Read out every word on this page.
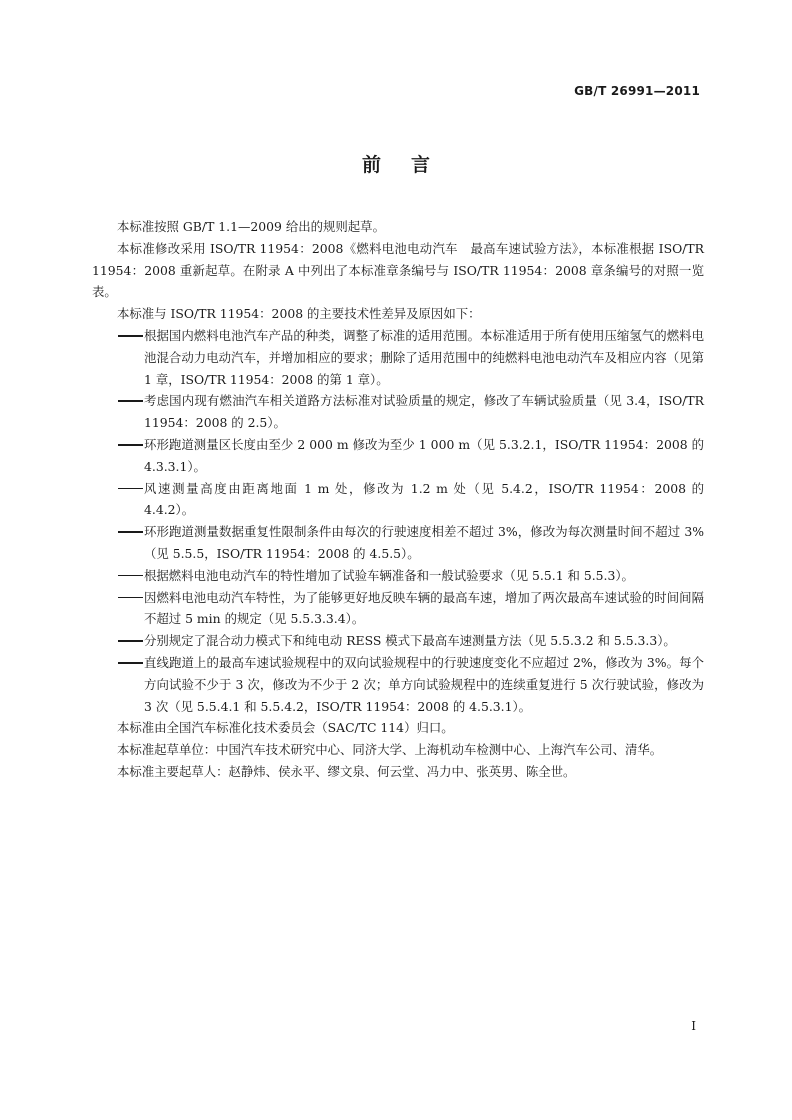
GB/T 26991—2011

前言

本标准按照 GB/T 1.1—2009 给出的规则起草。

本标准修改采用 ISO/TR 11954：2008《燃料电池电动汽车　最高车速试验方法》，本标准根据 ISO/TR 11954：2008 重新起草。在附录 A 中列出了本标准章条编号与 ISO/TR 11954：2008 章条编号的对照一览表。

本标准与 ISO/TR 11954：2008 的主要技术性差异及原因如下：

根据国内燃料电池汽车产品的种类，调整了标准的适用范围。本标准适用于所有使用压缩氢气的燃料电池混合动力电动汽车，并增加相应的要求；删除了适用范围中的纯燃料电池电动汽车及相应内容（见第 1 章，ISO/TR 11954：2008 的第 1 章）。
考虑国内现有燃油汽车相关道路方法标准对试验质量的规定，修改了车辆试验质量（见 3.4，ISO/TR 11954：2008 的 2.5）。
环形跑道测量区长度由至少 2 000 m 修改为至少 1 000 m（见 5.3.2.1，ISO/TR 11954：2008 的 4.3.3.1）。
风速测量高度由距离地面 1 m 处，修改为 1.2 m 处（见 5.4.2，ISO/TR 11954：2008 的 4.4.2）。
环形跑道测量数据重复性限制条件由每次的行驶速度相差不超过 3%，修改为每次测量时间不超过 3%（见 5.5.5，ISO/TR 11954：2008 的 4.5.5）。
根据燃料电池电动汽车的特性增加了试验车辆准备和一般试验要求（见 5.5.1 和 5.5.3）。
因燃料电池电动汽车特性，为了能够更好地反映车辆的最高车速，增加了两次最高车速试验的时间间隔不超过 5 min 的规定（见 5.5.3.3.4）。
分别规定了混合动力模式下和纯电动 RESS 模式下最高车速测量方法（见 5.5.3.2 和 5.5.3.3）。
直线跑道上的最高车速试验规程中的双向试验规程中的行驶速度变化不应超过 2%，修改为 3%。每个方向试验不少于 3 次，修改为不少于 2 次；单方向试验规程中的连续重复进行 5 次行驶试验，修改为 3 次（见 5.5.4.1 和 5.5.4.2，ISO/TR 11954：2008 的 4.5.3.1）。

本标准由全国汽车标准化技术委员会（SAC/TC 114）归口。

本标准起草单位：中国汽车技术研究中心、同济大学、上海机动车检测中心、上海汽车公司、清华。

本标准主要起草人：赵静炜、侯永平、缪文泉、何云堂、冯力中、张英男、陈全世。

I
